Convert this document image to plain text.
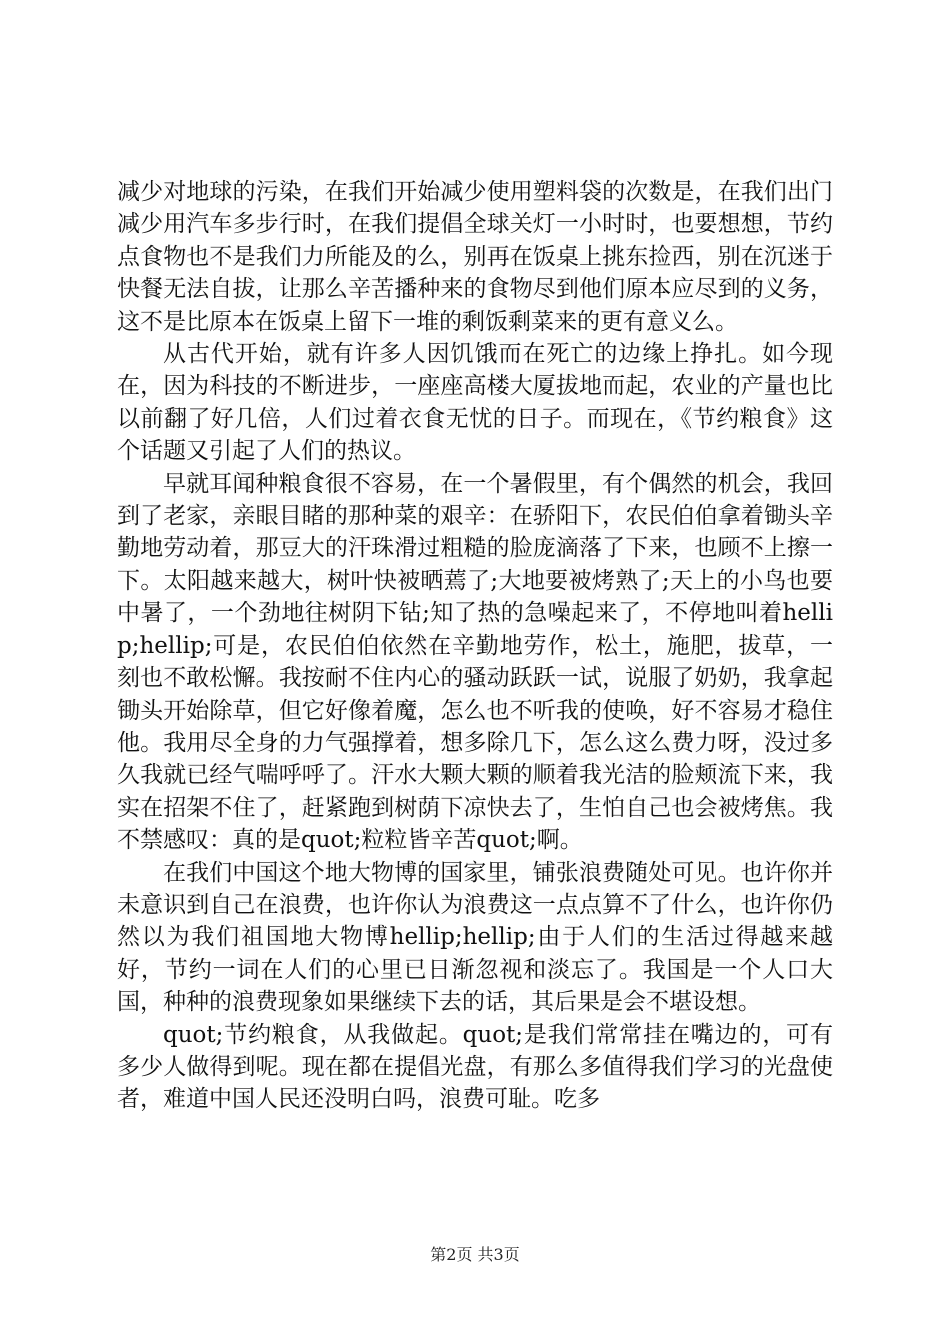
减少对地球的污染，在我们开始减少使用塑料袋的次数是，在我们出门减少用汽车多步行时，在我们提倡全球关灯一小时时，也要想想，节约点食物也不是我们力所能及的么，别再在饭桌上挑东捡西，别在沉迷于快餐无法自拔，让那么辛苦播种来的食物尽到他们原本应尽到的义务，这不是比原本在饭桌上留下一堆的剩饭剩菜来的更有意义么。

从古代开始，就有许多人因饥饿而在死亡的边缘上挣扎。如今现在，因为科技的不断进步，一座座高楼大厦拔地而起，农业的产量也比以前翻了好几倍，人们过着衣食无忧的日子。而现在，《节约粮食》这个话题又引起了人们的热议。

早就耳闻种粮食很不容易，在一个暑假里，有个偶然的机会，我回到了老家，亲眼目睹的那种菜的艰辛：在骄阳下，农民伯伯拿着锄头辛勤地劳动着，那豆大的汗珠滑过粗糙的脸庞滴落了下来，也顾不上擦一下。太阳越来越大，树叶快被晒蔫了;大地要被烤熟了;天上的小鸟也要中暑了，一个劲地往树阴下钻;知了热的急噪起来了，不停地叫着hellip;hellip;可是，农民伯伯依然在辛勤地劳作，松土，施肥，拔草，一刻也不敢松懈。我按耐不住内心的骚动跃跃一试，说服了奶奶，我拿起锄头开始除草，但它好像着魔，怎么也不听我的使唤，好不容易才稳住他。我用尽全身的力气强撑着，想多除几下，怎么这么费力呀，没过多久我就已经气喘呼呼了。汗水大颗大颗的顺着我光洁的脸颊流下来，我实在招架不住了，赶紧跑到树荫下凉快去了，生怕自己也会被烤焦。我不禁感叹：真的是quot;粒粒皆辛苦quot;啊。

在我们中国这个地大物博的国家里，铺张浪费随处可见。也许你并未意识到自己在浪费，也许你认为浪费这一点点算不了什么，也许你仍然以为我们祖国地大物博hellip;hellip;由于人们的生活过得越来越好，节约一词在人们的心里已日渐忽视和淡忘了。我国是一个人口大国，种种的浪费现象如果继续下去的话，其后果是会不堪设想。

quot;节约粮食，从我做起。quot;是我们常常挂在嘴边的，可有多少人做得到呢。现在都在提倡光盘，有那么多值得我们学习的光盘使者，难道中国人民还没明白吗，浪费可耻。吃多

第2页 共3页
